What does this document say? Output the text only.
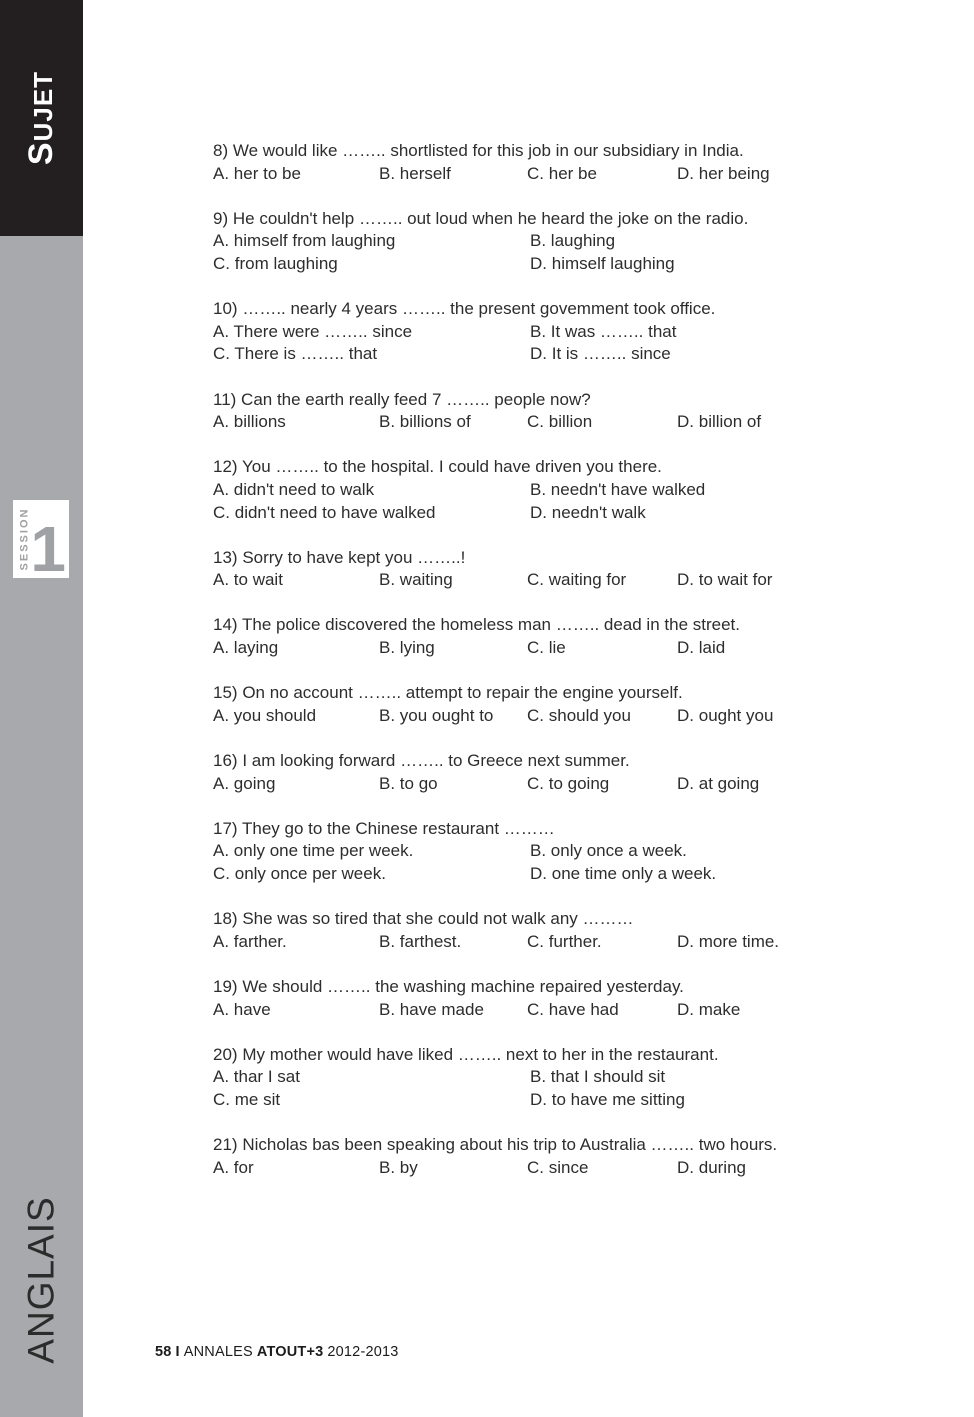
SUJET
SESSION 1
ANGLAIS
8) We would like …….. shortlisted for this job in our subsidiary in India.
A. her to be	B. herself	C. her be	D. her being
9) He couldn't help …….. out loud when he heard the joke on the radio.
A. himself from laughing	B. laughing
C. from laughing	D. himself laughing
10) …….. nearly 4 years …….. the present govemment took office.
A. There were …….. since	B. It was …….. that
C. There is …….. that	D. It is …….. since
11) Can the earth really feed 7 …….. people now?
A. billions	B. billions of	C. billion	D. billion of
12) You …….. to the hospital. I could have driven you there.
A. didn't need to walk	B. needn't have walked
C. didn't need to have walked	D. needn't walk
13) Sorry to have kept you ……..!
A. to wait	B. waiting	C. waiting for	D. to wait for
14) The police discovered the homeless man …….. dead in the street.
A. laying	B. lying	C. lie	D. laid
15) On no account …….. attempt to repair the engine yourself.
A. you should	B. you ought to C. should you	D. ought you
16) I am looking forward …….. to Greece next summer.
A. going	B. to go	C. to going	D. at going
17) They go to the Chinese restaurant ………
A. only one time per week.	B. only once a week.
C. only once per week.	D. one time only a week.
18) She was so tired that she could not walk any ………
A. farther.	B. farthest.	C. further.	D. more time.
19) We should …….. the washing machine repaired yesterday.
A. have	B. have made	C. have had	D. make
20) My mother would have liked …….. next to her in the restaurant.
A. thar I sat	B. that I should sit
C. me sit	D. to have me sitting
21) Nicholas bas been speaking about his trip to Australia …….. two hours.
A. for	B. by	C. since	D. during
58 I ANNALES ATOUT+3 2012-2013
